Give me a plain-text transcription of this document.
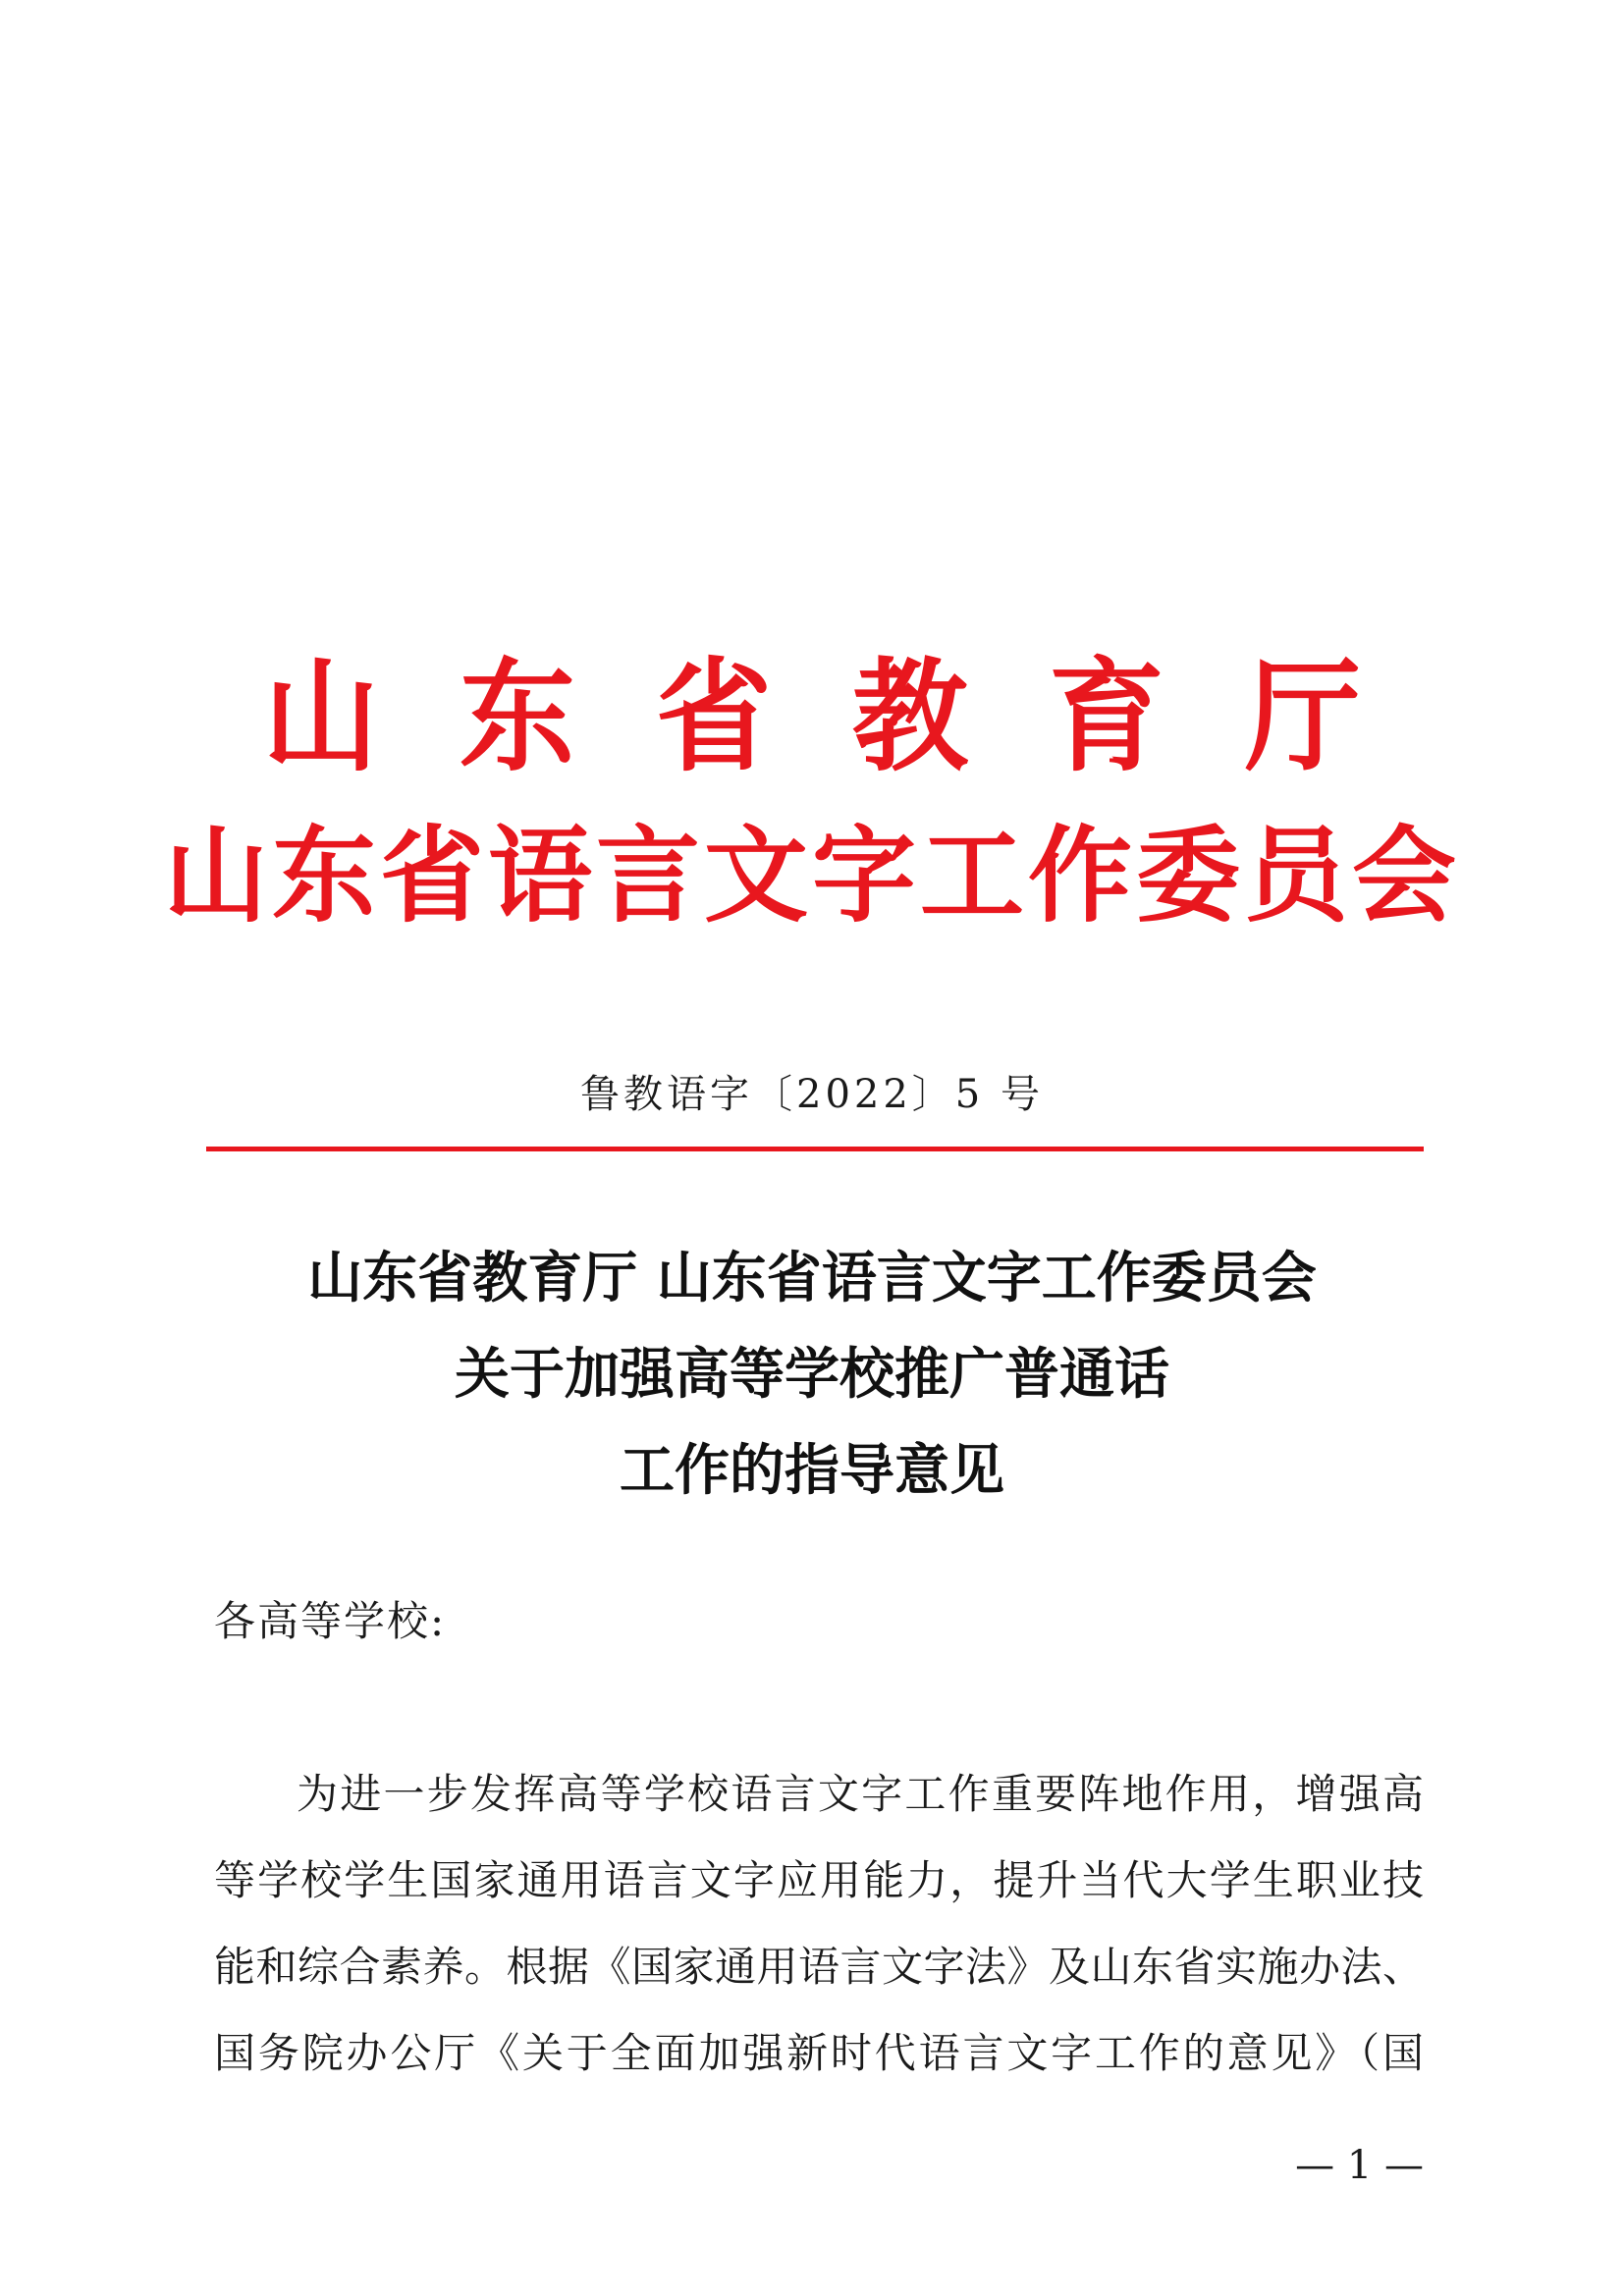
山东省教育厅
山东省语言文字工作委员会
鲁教语字〔2022〕5 号
山东省教育厅 山东省语言文字工作委员会
关于加强高等学校推广普通话
工作的指导意见
各高等学校:
为进一步发挥高等学校语言文字工作重要阵地作用，增强高
等学校学生国家通用语言文字应用能力，提升当代大学生职业技
能和综合素养。根据《国家通用语言文字法》及山东省实施办法、
国务院办公厅《关于全面加强新时代语言文字工作的意见》（国
— 1 —
